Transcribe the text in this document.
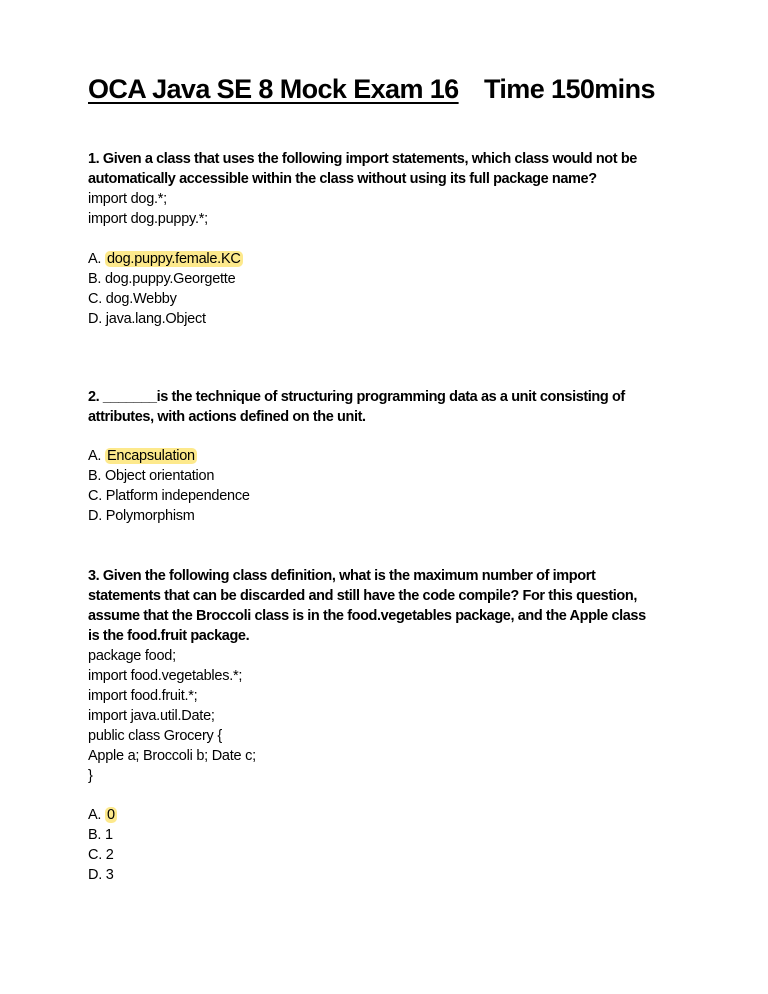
OCA Java SE 8 Mock Exam 16 Time 150mins
1. Given a class that uses the following import statements, which class would not be
automatically accessible within the class without using its full package name?
import dog.*;
import dog.puppy.*;
A. dog.puppy.female.KC
B. dog.puppy.Georgette
C. dog.Webby
D. java.lang.Object
2. _______is the technique of structuring programming data as a unit consisting of
attributes, with actions defined on the unit.
A. Encapsulation
B. Object orientation
C. Platform independence
D. Polymorphism
3. Given the following class definition, what is the maximum number of import
statements that can be discarded and still have the code compile? For this question,
assume that the Broccoli class is in the food.vegetables package, and the Apple class
is the food.fruit package.
package food;
import food.vegetables.*;
import food.fruit.*;
import java.util.Date;
public class Grocery {
Apple a; Broccoli b; Date c;
}
A. 0
B. 1
C. 2
D. 3
